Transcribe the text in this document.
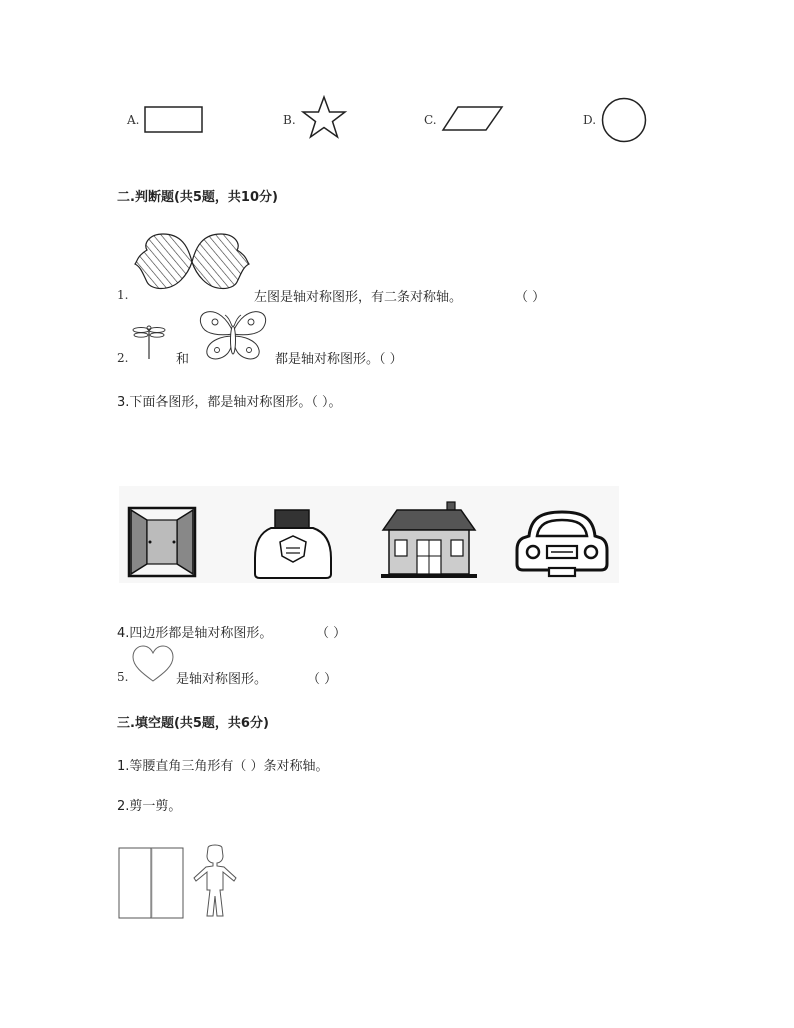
A.	B.	C.	D.
二.判断题(共5题，共10分)
1.	左图是轴对称图形，有二条对称轴。	（ ）
2.	和	都是轴对称图形。（ ）
3.下面各图形，都是轴对称图形。（ ）。
4.四边形都是轴对称图形。	（ ）
5.	是轴对称图形。	（ ）
三.填空题(共5题，共6分)
1.等腰直角三角形有（ ）条对称轴。
2.剪一剪。
